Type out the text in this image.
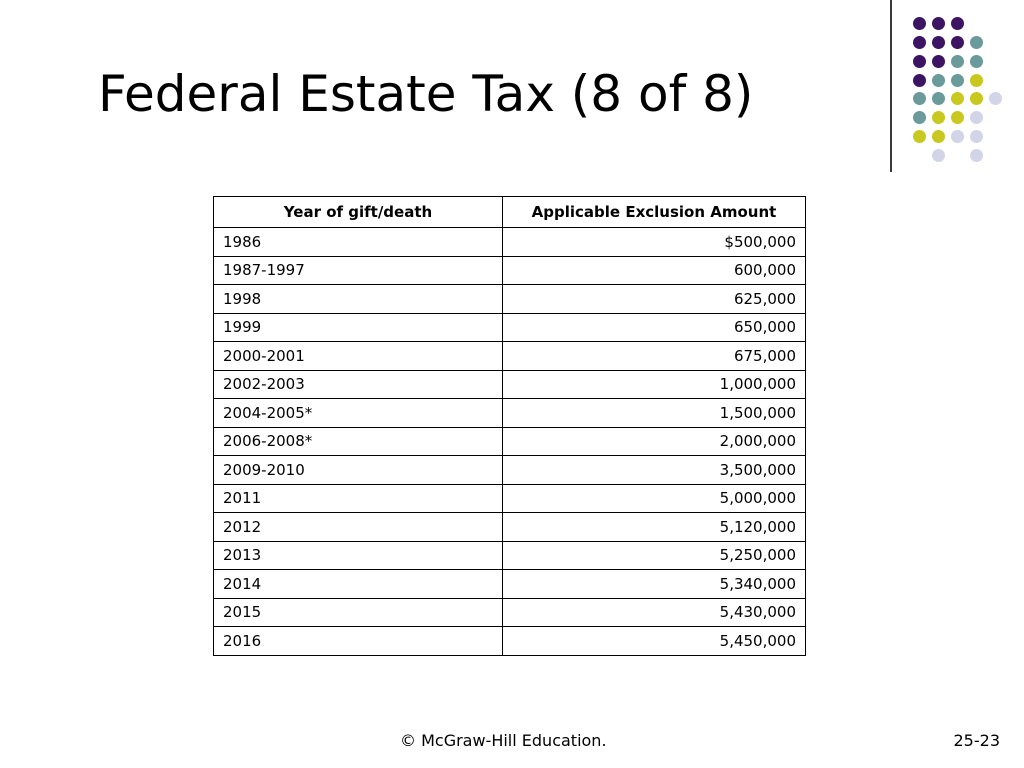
Federal Estate Tax (8 of 8)
Year of gift/death	Applicable Exclusion Amount
1986	$500,000
1987-1997	600,000
1998	625,000
1999	650,000
2000-2001	675,000
2002-2003	1,000,000
2004-2005*	1,500,000
2006-2008*	2,000,000
2009-2010	3,500,000
2011	5,000,000
2012	5,120,000
2013	5,250,000
2014	5,340,000
2015	5,430,000
2016	5,450,000
© McGraw-Hill Education.	25-23
